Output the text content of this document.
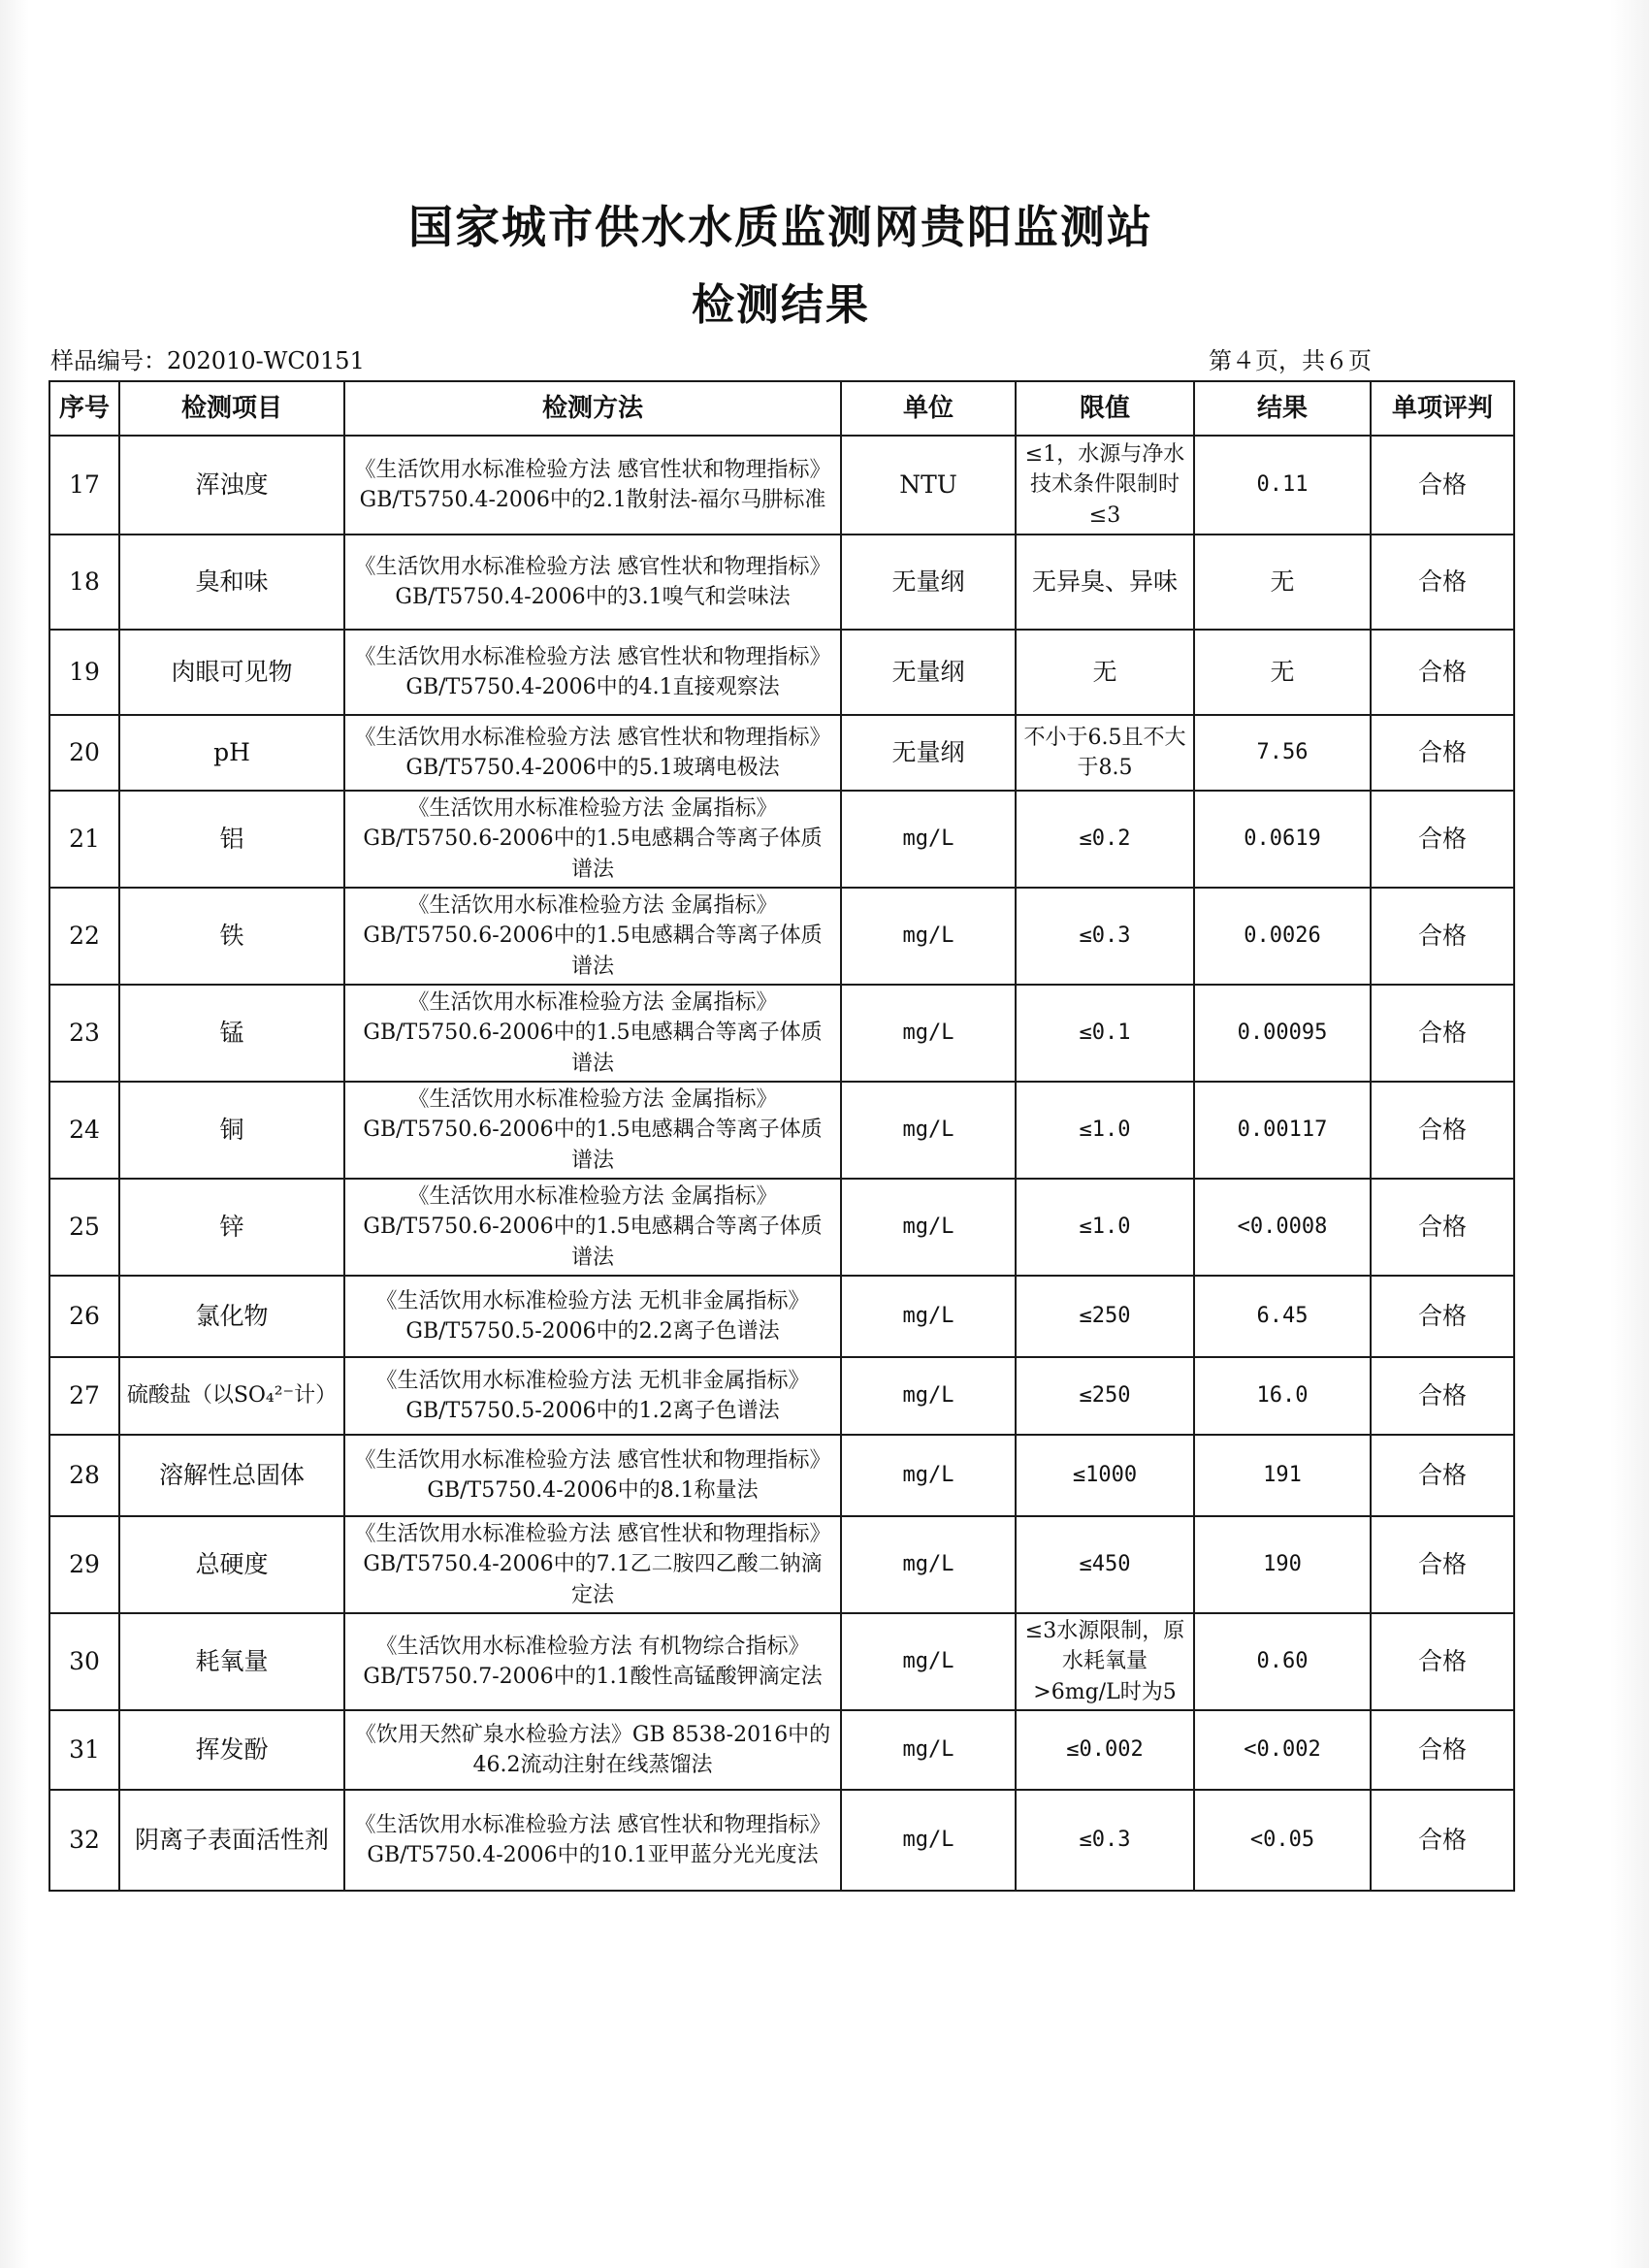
国家城市供水水质监测网贵阳监测站
检测结果
样品编号：202010-WC0151	第４页，共６页
序号	检测项目	检测方法	单位	限值	结果	单项评判
17	浑浊度	《生活饮用水标准检验方法 感官性状和物理指标》GB/T5750.4-2006中的2.1散射法-福尔马肼标准	NTU	≤1，水源与净水技术条件限制时≤3	0.11	合格
18	臭和味	《生活饮用水标准检验方法 感官性状和物理指标》GB/T5750.4-2006中的3.1嗅气和尝味法	无量纲	无异臭、异味	无	合格
19	肉眼可见物	《生活饮用水标准检验方法 感官性状和物理指标》GB/T5750.4-2006中的4.1直接观察法	无量纲	无	无	合格
20	pH	《生活饮用水标准检验方法 感官性状和物理指标》GB/T5750.4-2006中的5.1玻璃电极法	无量纲	不小于6.5且不大于8.5	7.56	合格
21	铝	《生活饮用水标准检验方法 金属指标》GB/T5750.6-2006中的1.5电感耦合等离子体质谱法	mg/L	≤0.2	0.0619	合格
22	铁	《生活饮用水标准检验方法 金属指标》GB/T5750.6-2006中的1.5电感耦合等离子体质谱法	mg/L	≤0.3	0.0026	合格
23	锰	《生活饮用水标准检验方法 金属指标》GB/T5750.6-2006中的1.5电感耦合等离子体质谱法	mg/L	≤0.1	0.00095	合格
24	铜	《生活饮用水标准检验方法 金属指标》GB/T5750.6-2006中的1.5电感耦合等离子体质谱法	mg/L	≤1.0	0.00117	合格
25	锌	《生活饮用水标准检验方法 金属指标》GB/T5750.6-2006中的1.5电感耦合等离子体质谱法	mg/L	≤1.0	<0.0008	合格
26	氯化物	《生活饮用水标准检验方法 无机非金属指标》GB/T5750.5-2006中的2.2离子色谱法	mg/L	≤250	6.45	合格
27	硫酸盐（以SO₄²⁻计）	《生活饮用水标准检验方法 无机非金属指标》GB/T5750.5-2006中的1.2离子色谱法	mg/L	≤250	16.0	合格
28	溶解性总固体	《生活饮用水标准检验方法 感官性状和物理指标》GB/T5750.4-2006中的8.1称量法	mg/L	≤1000	191	合格
29	总硬度	《生活饮用水标准检验方法 感官性状和物理指标》 GB/T5750.4-2006中的7.1乙二胺四乙酸二钠滴定法	mg/L	≤450	190	合格
30	耗氧量	《生活饮用水标准检验方法 有机物综合指标》GB/T5750.7-2006中的1.1酸性高锰酸钾滴定法	mg/L	≤3水源限制，原水耗氧量>6mg/L时为5	0.60	合格
31	挥发酚	《饮用天然矿泉水检验方法》GB 8538-2016中的46.2流动注射在线蒸馏法	mg/L	≤0.002	<0.002	合格
32	阴离子表面活性剂	《生活饮用水标准检验方法 感官性状和物理指标》GB/T5750.4-2006中的10.1亚甲蓝分光光度法	mg/L	≤0.3	<0.05	合格
